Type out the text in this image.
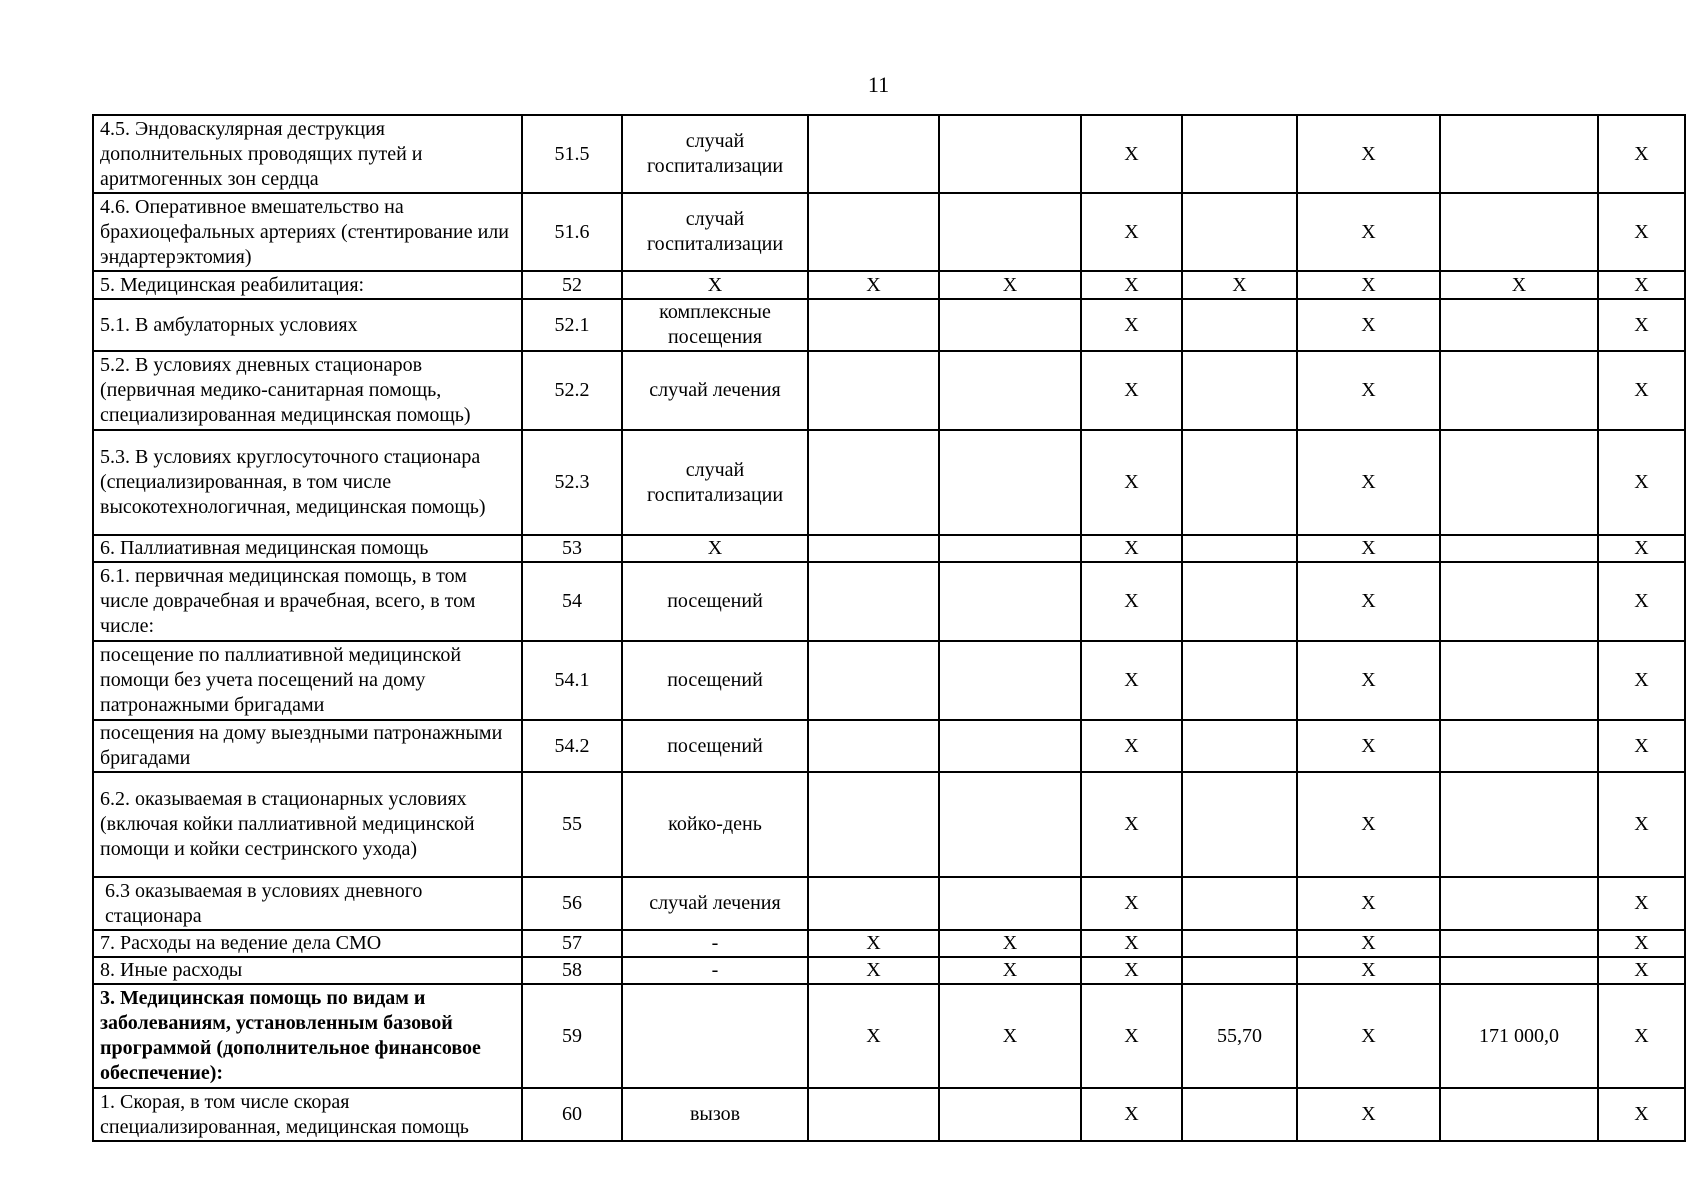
11
4.5. Эндоваскулярная деструкция дополнительных проводящих путей и аритмогенных зон сердца	51.5	случай госпитализации			X		X		X
4.6. Оперативное вмешательство на брахиоцефальных артериях (стентирование или эндартерэктомия)	51.6	случай госпитализации			X		X		X
5. Медицинская реабилитация:	52	X	X	X	X	X	X	X	X
5.1. В амбулаторных условиях	52.1	комплексные посещения			X		X		X
5.2. В условиях дневных стационаров (первичная медико-санитарная помощь, специализированная медицинская помощь)	52.2	случай лечения			X		X		X
5.3. В условиях круглосуточного стационара (специализированная, в том числе высокотехнологичная, медицинская помощь)	52.3	случай госпитализации			X		X		X
6. Паллиативная медицинская помощь	53	X			X		X		X
6.1. первичная медицинская помощь, в том числе доврачебная и врачебная, всего, в том числе:	54	посещений			X		X		X
посещение по паллиативной медицинской помощи без учета посещений на дому патронажными бригадами	54.1	посещений			X		X		X
посещения на дому выездными патронажными бригадами	54.2	посещений			X		X		X
6.2. оказываемая в стационарных условиях (включая койки паллиативной медицинской помощи и койки сестринского ухода)	55	койко-день			X		X		X
6.3 оказываемая в условиях дневного стационара	56	случай лечения			X		X		X
7. Расходы на ведение дела СМО	57	-	X	X	X		X		X
8. Иные расходы	58	-	X	X	X		X		X
3. Медицинская помощь по видам и заболеваниям, установленным базовой программой (дополнительное финансовое обеспечение):	59		X	X	X	55,70	X	171 000,0	X
1. Скорая, в том числе скорая специализированная, медицинская помощь	60	вызов			X		X		X
